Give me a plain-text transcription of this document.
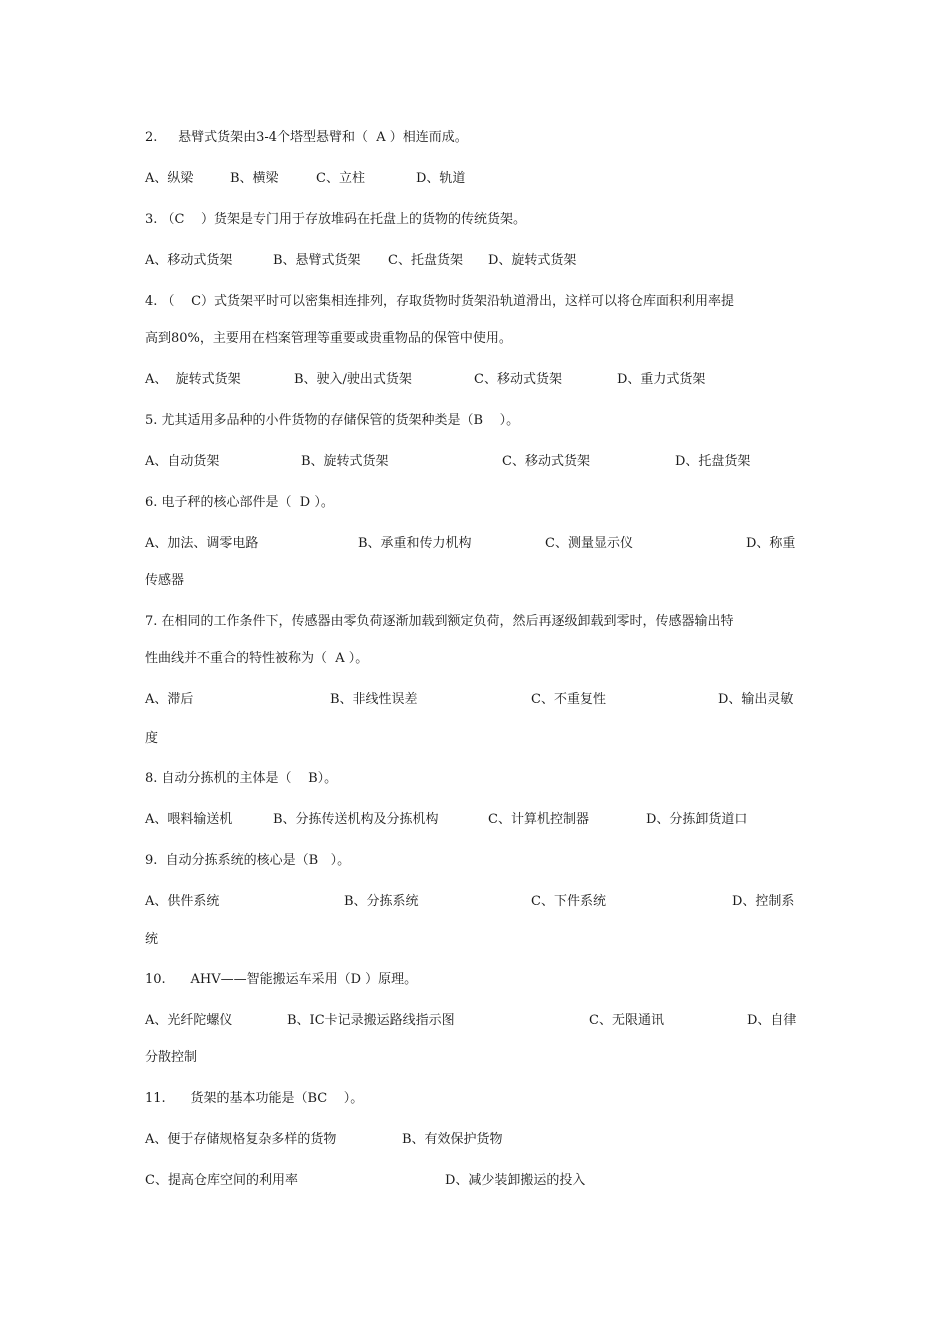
2.     悬臂式货架由3-4个塔型悬臂和（  A ）相连而成。
A、纵梁	B、横梁	C、立柱	D、轨道
3. （C    ）货架是专门用于存放堆码在托盘上的货物的传统货架。
A、移动式货架	B、悬臂式货架 C、托盘货架 D、旋转式货架
4. （    C）式货架平时可以密集相连排列，存取货物时货架沿轨道滑出，这样可以将仓库面积利用率提
高到80%，主要用在档案管理等重要或贵重物品的保管中使用。
A、  旋转式货架	B、驶入/驶出式货架	C、移动式货架	D、重力式货架
5. 尤其适用多品种的小件货物的存储保管的货架种类是（B    ）。
A、自动货架	B、旋转式货架	C、移动式货架	D、托盘货架
6. 电子秤的核心部件是（  D ）。
A、加法、调零电路	B、承重和传力机构	C、测量显示仪	D、称重
传感器
7. 在相同的工作条件下，传感器由零负荷逐渐加载到额定负荷，然后再逐级卸载到零时，传感器输出特
性曲线并不重合的特性被称为（  A ）。
A、滞后	B、非线性误差	C、不重复性	D、输出灵敏
度
8. 自动分拣机的主体是（    B）。
A、喂料输送机	B、分拣传送机构及分拣机构	C、计算机控制器	D、分拣卸货道口
9.  自动分拣系统的核心是（B   ）。
A、供件系统	B、分拣系统	C、下件系统	D、控制系
统
10.      AHV——智能搬运车采用（D ）原理。
A、光纤陀螺仪	B、IC卡记录搬运路线指示图	C、无限通讯	D、自律
分散控制
11.      货架的基本功能是（BC    ）。
A、便于存储规格复杂多样的货物	B、有效保护货物
C、提高仓库空间的利用率	D、减少装卸搬运的投入
